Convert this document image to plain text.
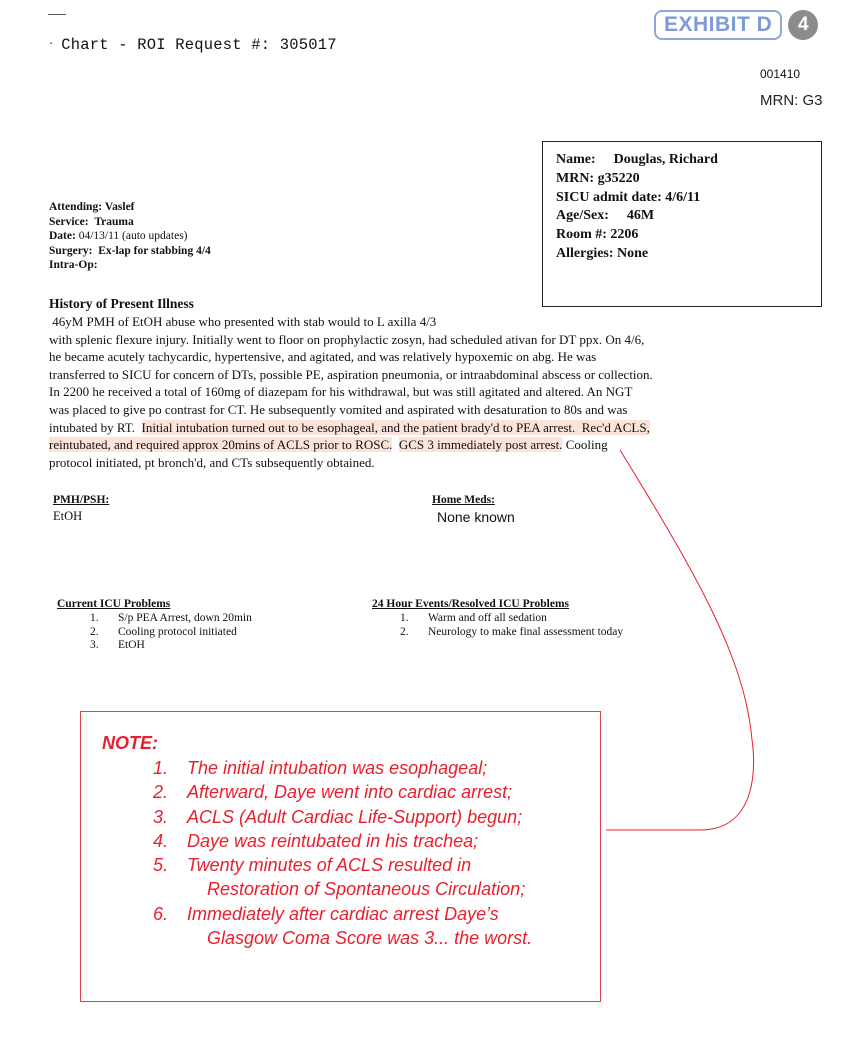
· Chart - ROI Request #: 305017
EXHIBIT D	4
001410
MRN: G3
Name: Douglas, Richard
MRN: g35220
SICU admit date: 4/6/11
Age/Sex: 46M
Room #: 2206
Allergies: None
Attending: Vaslef
Service: Trauma
Date: 04/13/11 (auto updates)
Surgery: Ex-lap for stabbing 4/4
Intra-Op:
History of Present Illness
46yM PMH of EtOH abuse who presented with stab would to L axilla 4/3
with splenic flexure injury. Initially went to floor on prophylactic zosyn, had scheduled ativan for DT ppx. On 4/6,
he became acutely tachycardic, hypertensive, and agitated, and was relatively hypoxemic on abg. He was
transferred to SICU for concern of DTs, possible PE, aspiration pneumonia, or intraabdominal abscess or collection.
In 2200 he received a total of 160mg of diazepam for his withdrawal, but was still agitated and altered. An NGT
was placed to give po contrast for CT. He subsequently vomited and aspirated with desaturation to 80s and was
intubated by RT.  Initial intubation turned out to be esophageal, and the patient brady'd to PEA arrest.  Rec'd ACLS,
reintubated, and required approx 20mins of ACLS prior to ROSC. GCS 3 immediately post arrest. Cooling
protocol initiated, pt bronch'd, and CTs subsequently obtained.
PMH/PSH:
EtOH
Home Meds:
None known
Current ICU Problems
1.	S/p PEA Arrest, down 20min
2.	Cooling protocol initiated
3.	EtOH
24 Hour Events/Resolved ICU Problems
1.	Warm and off all sedation
2.	Neurology to make final assessment today
NOTE:
1.	The initial intubation was esophageal;
2.	Afterward, Daye went into cardiac arrest;
3.	ACLS (Adult Cardiac Life-Support) begun;
4.	Daye was reintubated in his trachea;
5.	Twenty minutes of ACLS resulted in
Restoration of Spontaneous Circulation;
6.	Immediately after cardiac arrest Daye’s
Glasgow Coma Score was 3... the worst.
